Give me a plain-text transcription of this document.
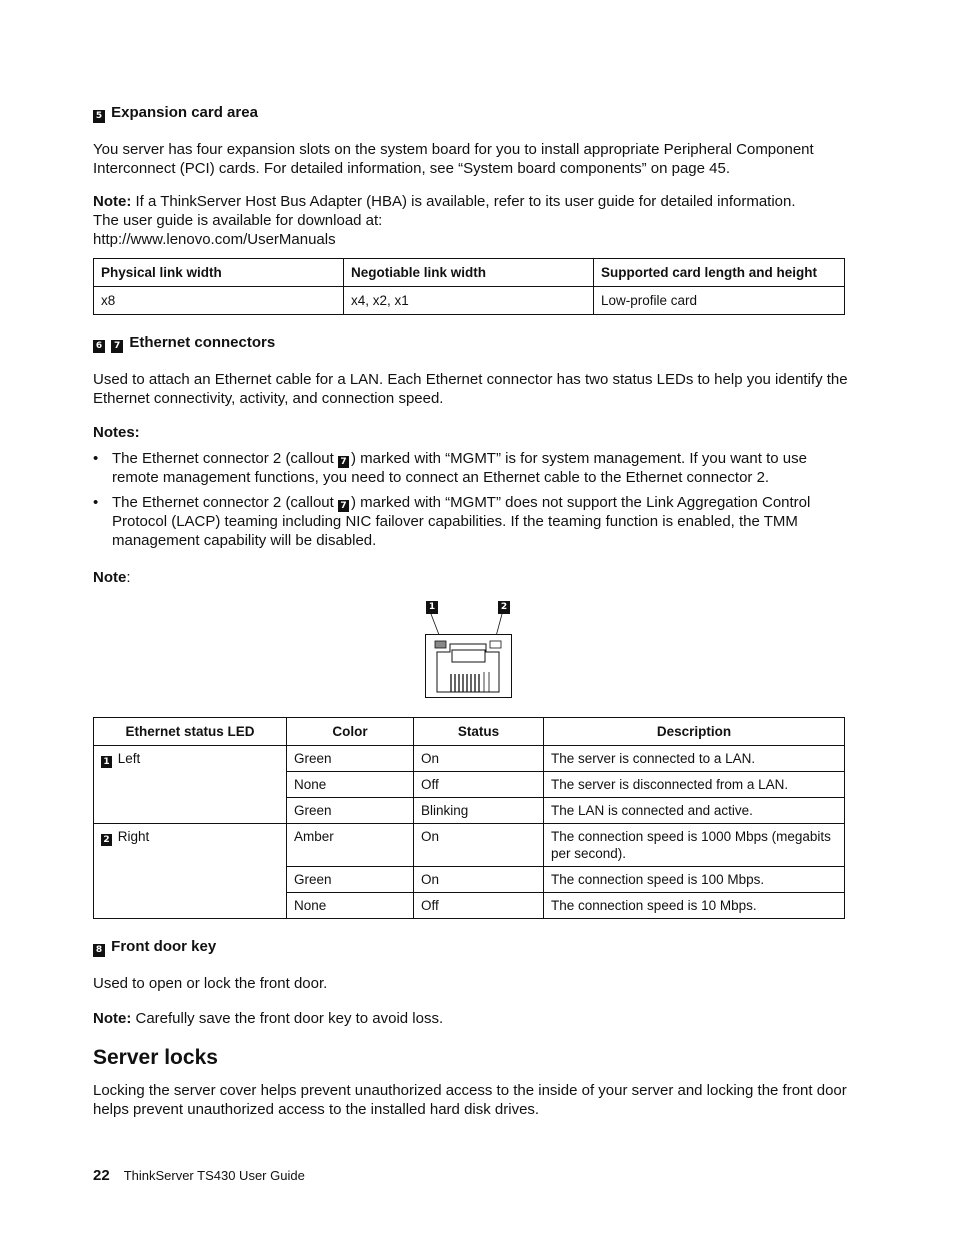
5 Expansion card area
You server has four expansion slots on the system board for you to install appropriate Peripheral Component Interconnect (PCI) cards. For detailed information, see “System board components” on page 45.
Note: If a ThinkServer Host Bus Adapter (HBA) is available, refer to its user guide for detailed information.
The user guide is available for download at:
http://www.lenovo.com/UserManuals
Physical link width	Negotiable link width	Supported card length and height
x8	x4, x2, x1	Low-profile card
6 7 Ethernet connectors
Used to attach an Ethernet cable for a LAN. Each Ethernet connector has two status LEDs to help you identify the Ethernet connectivity, activity, and connection speed.
Notes:
• The Ethernet connector 2 (callout 7 ) marked with “MGMT” is for system management. If you want to use remote management functions, you need to connect an Ethernet cable to the Ethernet connector 2.
• The Ethernet connector 2 (callout 7 ) marked with “MGMT” does not support the Link Aggregation Control Protocol (LACP) teaming including NIC failover capabilities. If the teaming function is enabled, the TMM management capability will be disabled.
Note:
1	2
Ethernet status LED	Color	Status	Description
1 Left	Green	On	The server is connected to a LAN.
	None	Off	The server is disconnected from a LAN.
	Green	Blinking	The LAN is connected and active.
2 Right	Amber	On	The connection speed is 1000 Mbps (megabits per second).
	Green	On	The connection speed is 100 Mbps.
	None	Off	The connection speed is 10 Mbps.
8 Front door key
Used to open or lock the front door.
Note: Carefully save the front door key to avoid loss.
Server locks
Locking the server cover helps prevent unauthorized access to the inside of your server and locking the front door helps prevent unauthorized access to the installed hard disk drives.
22 ThinkServer TS430 User Guide
